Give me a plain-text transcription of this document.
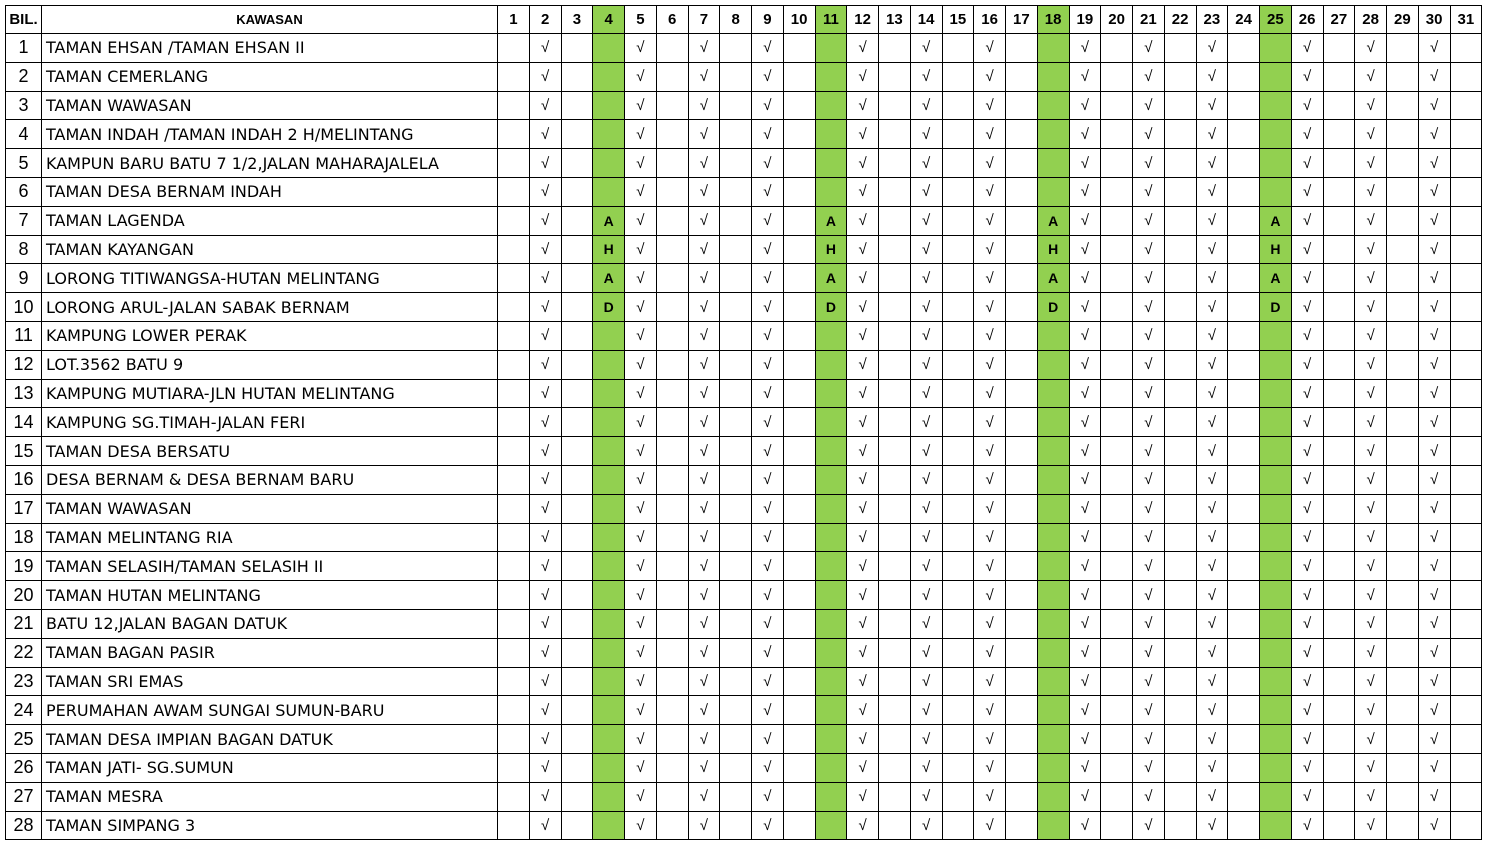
BIL.	KAWASAN	1	2	3	4	5	6	7	8	9	10	11	12	13	14	15	16	17	18	19	20	21	22	23	24	25	26	27	28	29	30	31
1	TAMAN EHSAN /TAMAN EHSAN II		√			√		√		√			√		√		√			√		√		√			√		√		√	
2	TAMAN CEMERLANG		√			√		√		√			√		√		√			√		√		√			√		√		√	
3	TAMAN WAWASAN		√			√		√		√			√		√		√			√		√		√			√		√		√	
4	TAMAN INDAH /TAMAN INDAH 2 H/MELINTANG		√			√		√		√			√		√		√			√		√		√			√		√		√	
5	KAMPUN BARU BATU 7 1/2,JALAN MAHARAJALELA		√			√		√		√			√		√		√			√		√		√			√		√		√	
6	TAMAN DESA BERNAM INDAH		√			√		√		√			√		√		√			√		√		√			√		√		√	
7	TAMAN LAGENDA		√		A	√		√		√		A	√		√		√		A	√		√		√		A	√		√		√	
8	TAMAN KAYANGAN		√		H	√		√		√		H	√		√		√		H	√		√		√		H	√		√		√	
9	LORONG TITIWANGSA-HUTAN MELINTANG		√		A	√		√		√		A	√		√		√		A	√		√		√		A	√		√		√	
10	LORONG ARUL-JALAN SABAK BERNAM		√		D	√		√		√		D	√		√		√		D	√		√		√		D	√		√		√	
11	KAMPUNG LOWER PERAK		√			√		√		√			√		√		√			√		√		√			√		√		√	
12	LOT.3562 BATU 9		√			√		√		√			√		√		√			√		√		√			√		√		√	
13	KAMPUNG MUTIARA-JLN HUTAN MELINTANG		√			√		√		√			√		√		√			√		√		√			√		√		√	
14	KAMPUNG SG.TIMAH-JALAN FERI		√			√		√		√			√		√		√			√		√		√			√		√		√	
15	TAMAN DESA BERSATU		√			√		√		√			√		√		√			√		√		√			√		√		√	
16	DESA BERNAM & DESA BERNAM BARU		√			√		√		√			√		√		√			√		√		√			√		√		√	
17	TAMAN WAWASAN		√			√		√		√			√		√		√			√		√		√			√		√		√	
18	TAMAN MELINTANG RIA		√			√		√		√			√		√		√			√		√		√			√		√		√	
19	TAMAN SELASIH/TAMAN SELASIH II		√			√		√		√			√		√		√			√		√		√			√		√		√	
20	TAMAN HUTAN MELINTANG		√			√		√		√			√		√		√			√		√		√			√		√		√	
21	BATU 12,JALAN BAGAN DATUK		√			√		√		√			√		√		√			√		√		√			√		√		√	
22	TAMAN BAGAN PASIR		√			√		√		√			√		√		√			√		√		√			√		√		√	
23	TAMAN SRI EMAS		√			√		√		√			√		√		√			√		√		√			√		√		√	
24	PERUMAHAN AWAM SUNGAI SUMUN-BARU		√			√		√		√			√		√		√			√		√		√			√		√		√	
25	TAMAN DESA IMPIAN BAGAN DATUK		√			√		√		√			√		√		√			√		√		√			√		√		√	
26	TAMAN JATI- SG.SUMUN		√			√		√		√			√		√		√			√		√		√			√		√		√	
27	TAMAN MESRA		√			√		√		√			√		√		√			√		√		√			√		√		√	
28	TAMAN SIMPANG 3		√			√		√		√			√		√		√			√		√		√			√		√		√	
